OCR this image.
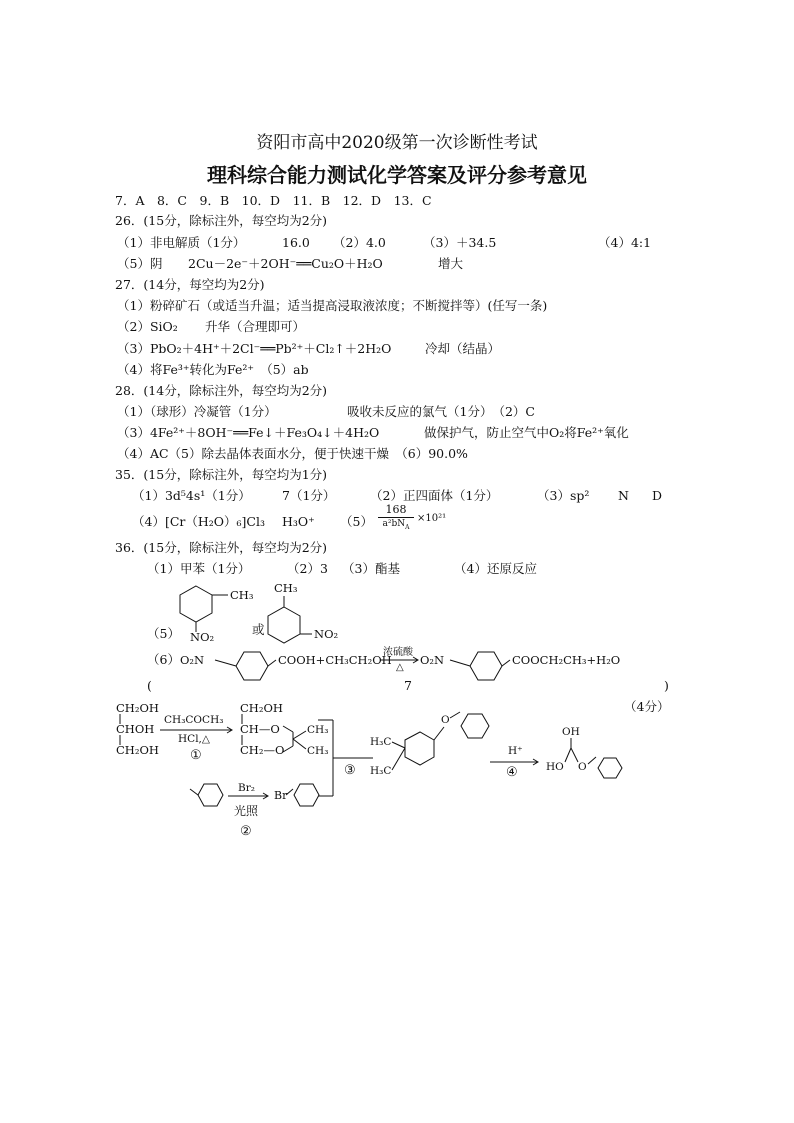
资阳市高中2020级第一次诊断性考试
理科综合能力测试化学答案及评分参考意见
7．A　8．C　9．B　10．D　11．B　12．D　13．C
26．(15分，除标注外，每空均为2分)
（1）非电解质（1分）	16.0 （2）4.0	（3）＋34.5	（4）4:1
（5）阴 2Cu－2e⁻＋2OH⁻══Cu₂O＋H₂O	增大
27．(14分，每空均为2分)
（1）粉碎矿石（或适当升温；适当提高浸取液浓度；不断搅拌等）(任写一条)
（2）SiO₂ 升华（合理即可）
（3）PbO₂＋4H⁺＋2Cl⁻══Pb²⁺＋Cl₂↑＋2H₂O	冷却（结晶）
（4）将Fe³⁺转化为Fe²⁺　（5）ab
28．(14分，除标注外，每空均为2分)
（1）（球形）冷凝管（1分）	吸收未反应的氯气（1分）　（2）C
（3）4Fe²⁺＋8OH⁻══Fe↓＋Fe₃O₄↓＋4H₂O	做保护气，防止空气中O₂将Fe²⁺氧化
（4）AC（5）除去晶体表面水分，便于快速干燥　（6）90.0%
35．(15分，除标注外，每空均为1分)
（1）3d⁵4s¹（1分） 7（1分）	（2）正四面体（1分）	（3）sp² N D
（4）[Cr（H₂O）₆]Cl₃ H₃O⁺ （5）
168
$a^2bN_A$
×10²¹
36．(15分，除标注外，每空均为2分)
（1）甲苯（1分）	（2）3 （3）酯基	（4）还原反应
（5）
CH₃
NO₂	或
CH₃
NO₂
（6） O₂N	COOH+CH₃CH₂OH
浓硫酸
△
O₂N	COOCH₂CH₃+H₂O
(	7	)
（4分）
CH₂OH
CHOH
CH₂OH
CH₃COCH₃
HCl,△
①
CH₂OH
CH—O
CH₂—O
CH₃
CH₃
③
H₃C
H₃C
O
H⁺
④
OH
HO O
Br₂
光照
②
Br
